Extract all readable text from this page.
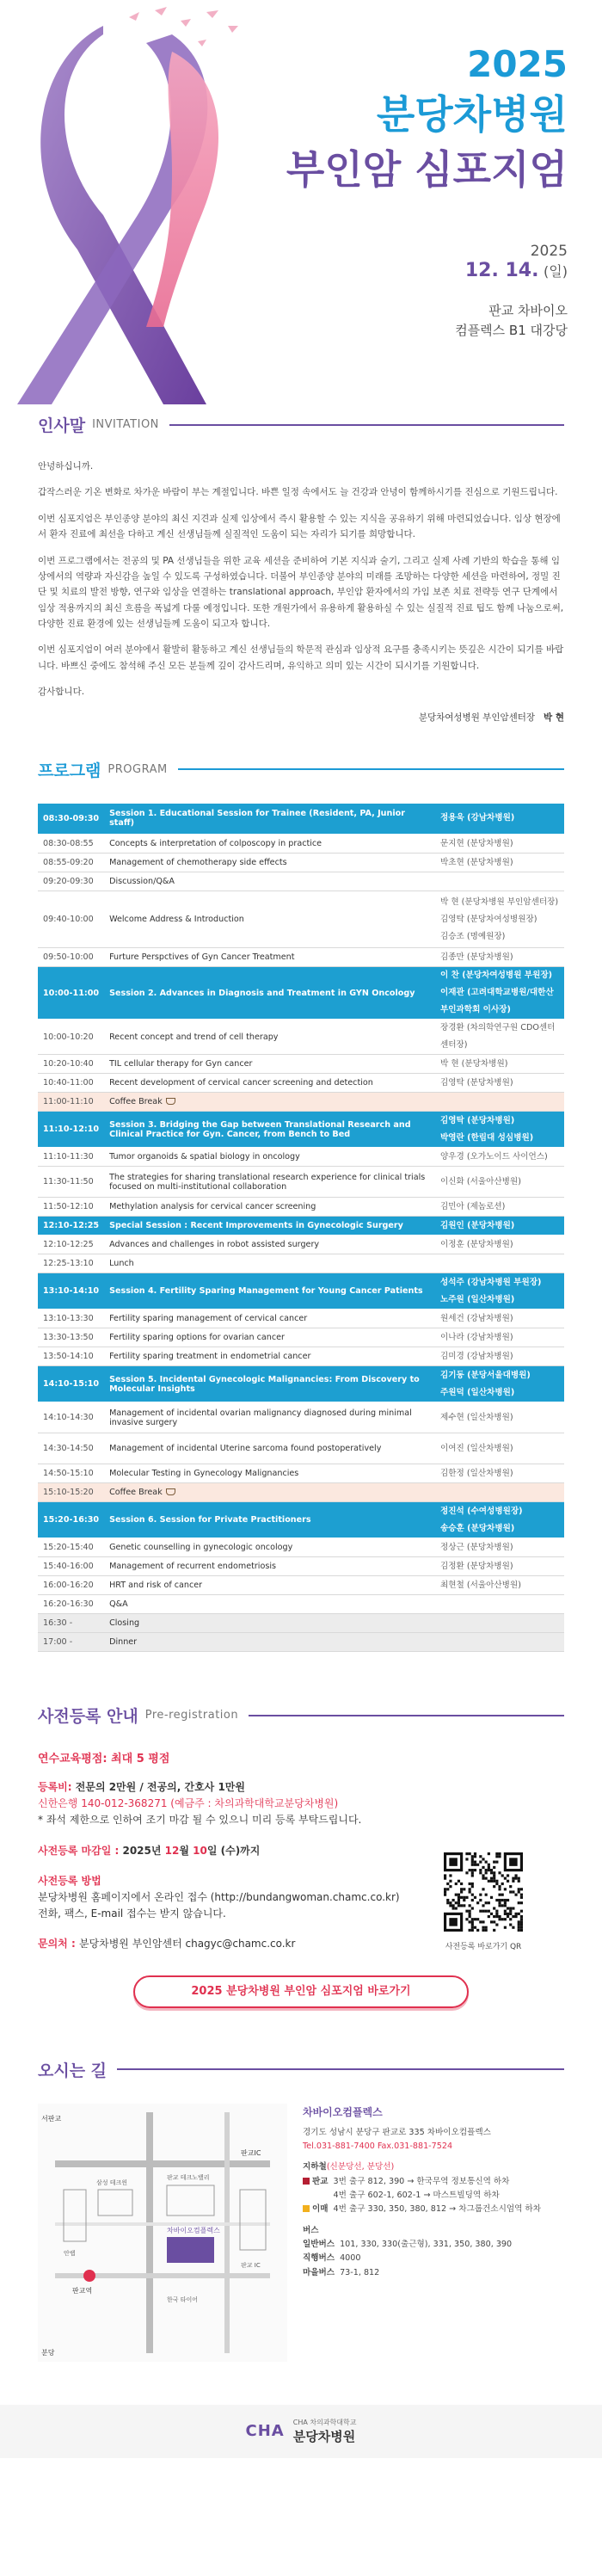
2025
분당차병원
부인암 심포지엄
2025
12. 14. (일)
판교 차바이오
컴플렉스 B1 대강당
인사말 INVITATION

안녕하십니까.

갑작스러운 기온 변화로 차가운 바람이 부는 계절입니다. 바쁜 일정 속에서도 늘 건강과 안녕이 함께하시기를 진심으로 기원드립니다.

이번 심포지엄은 부인종양 분야의 최신 지견과 실제 임상에서 즉시 활용할 수 있는 지식을 공유하기 위해 마련되었습니다. 임상 현장에서 환자 진료에 최선을 다하고 계신 선생님들께 실질적인 도움이 되는 자리가 되기를 희망합니다.

이번 프로그램에서는 전공의 및 PA 선생님들을 위한 교육 세션을 준비하여 기본 지식과 술기, 그리고 실제 사례 기반의 학습을 통해 임상에서의 역량과 자신감을 높일 수 있도록 구성하였습니다. 더불어 부인종양 분야의 미래를 조망하는 다양한 세션을 마련하여, 정밀 진단 및 치료의 발전 방향, 연구와 임상을 연결하는 translational approach, 부인암 환자에서의 가임 보존 치료 전략등 연구 단계에서 임상 적용까지의 최신 흐름을 폭넓게 다룰 예정입니다. 또한 개원가에서 유용하게 활용하실 수 있는 실질적 진료 팁도 함께 나눔으로써, 다양한 진료 환경에 있는 선생님들께 도움이 되고자 합니다.

이번 심포지엄이 여러 분야에서 활발히 활동하고 계신 선생님들의 학문적 관심과 임상적 요구를 충족시키는 뜻깊은 시간이 되기를 바랍니다. 바쁘신 중에도 참석해 주신 모든 분들께 깊이 감사드리며, 유익하고 의미 있는 시간이 되시기를 기원합니다.

감사합니다.

분당차여성병원 부인암센터장 박 현
프로그램 PROGRAM
08:30-09:30	Session 1. Educational Session for Trainee (Resident, PA, Junior staff)	정용욱 (강남차병원)

08:30-08:55	Concepts & interpretation of colposcopy in practice	문지현 (분당차병원)

08:55-09:20	Management of chemotherapy side effects	박초현 (분당차병원)

09:20-09:30	Discussion/Q&A	

09:40-10:00	Welcome Address & Introduction	박 현 (분당차병원 부인암센터장)
김영탁 (분당차여성병원장)
김승조 (명예원장)

09:50-10:00	Furture Perspctives of Gyn Cancer Treatment	김종만 (분당차병원)

10:00-11:00	Session 2. Advances in Diagnosis and Treatment in GYN Oncology	이 찬 (분당차여성병원 부원장)
이재관 (고려대학교병원/대한산부인과학회 이사장)

10:00-10:20	Recent concept and trend of cell therapy	장경환 (차의학연구원 CDO센터 센터장)

10:20-10:40	TIL cellular therapy for Gyn cancer	박 현 (분당차병원)

10:40-11:00	Recent development of cervical cancer screening and detection	김영탁 (분당차병원)

11:00-11:10	Coffee Break	

11:10-12:10	Session 3. Bridging the Gap between Translational Research and Clinical Practice for Gyn. Cancer, from Bench to Bed	김영탁 (분당차병원)
박영란 (한림대 성심병원)

11:10-11:30	Tumor organoids & spatial biology in oncology	양우경 (오가노이드 사이언스)

11:30-11:50	The strategies for sharing translational research experience for clinical trials focused on multi-institutional collaboration	이신화 (서울아산병원)

11:50-12:10	Methylation analysis for cervical cancer screening	김민아 (제놈로션)

12:10-12:25	Special Session : Recent Improvements in Gynecologic Surgery	김원인 (분당차병원)

12:10-12:25	Advances and challenges in robot assisted surgery	이정훈 (분당차병원)

12:25-13:10	Lunch	

13:10-14:10	Session 4. Fertility Sparing Management for Young Cancer Patients	성석주 (강남차병원 부원장)
노주원 (일산차병원)

13:10-13:30	Fertility sparing management of cervical cancer	원세건 (강남차병원)

13:30-13:50	Fertility sparing options for ovarian cancer	이나라 (강남차병원)

13:50-14:10	Fertility sparing treatment in endometrial cancer	김미경 (강남차병원)

14:10-15:10	Session 5. Incidental Gynecologic Malignancies: From Discovery to Molecular Insights	김기동 (분당서울대병원)
주원덕 (일산차병원)

14:10-14:30	Management of incidental ovarian malignancy diagnosed during minimal invasive surgery	제수현 (일산차병원)

14:30-14:50	Management of incidental Uterine sarcoma found postoperatively	이여진 (일산차병원)

14:50-15:10	Molecular Testing in Gynecology Malignancies	김한정 (일산차병원)

15:10-15:20	Coffee Break	

15:20-16:30	Session 6. Session for Private Practitioners	정진석 (수여성병원장)
송승훈 (분당차병원)

15:20-15:40	Genetic counselling in gynecologic oncology	정상근 (분당차병원)

15:40-16:00	Management of recurrent endometriosis	김정환 (분당차병원)

16:00-16:20	HRT and risk of cancer	최현철 (서울아산병원)

16:20-16:30	Q&A	

16:30 -	Closing	

17:00 -	Dinner	
사전등록 안내 Pre-registration
연수교육평점: 최대 5 평점
등록비: 전문의 2만원 / 전공의, 간호사 1만원
신한은행 140-012-368271 (예금주 : 차의과학대학교분당차병원)
* 좌석 제한으로 인하여 조기 마감 될 수 있으니 미리 등록 부탁드립니다.
사전등록 마감일 : 2025년 12월 10일 (수)까지
사전등록 방법
분당차병원 홈페이지에서 온라인 접수 (http://bundangwoman.chamc.co.kr)
전화, 팩스, E-mail 접수는 받지 않습니다.
문의처 : 분당차병원 부인암센터 chagyc@chamc.co.kr	사전등록 바로가기 QR
2025 분당차병원 부인암 심포지엄 바로가기
오시는 길
차바이오컴플렉스
판교역
서판교
분당
판교IC
판교 테크노밸리
삼성 테크윈
안랩
판교 IC
한국 타이어
차바이오컴플렉스
경기도 성남시 분당구 판교로 335 차바이오컴플렉스
Tel.031-881-7400 Fax.031-881-7524
지하철(신분당선, 분당선)
판교 3번 출구 812, 390 → 한국무역 정보통신역 하차
4번 출구 602-1, 602-1 → 마스트빌딩역 하차
이매 4번 출구 330, 350, 380, 812 → 차그룹건소시엄역 하차
버스
일반버스 101, 330, 330(출근형), 331, 350, 380, 390
직행버스 4000
마을버스 73-1, 812
CHA CHA 차의과학대학교
분당차병원
